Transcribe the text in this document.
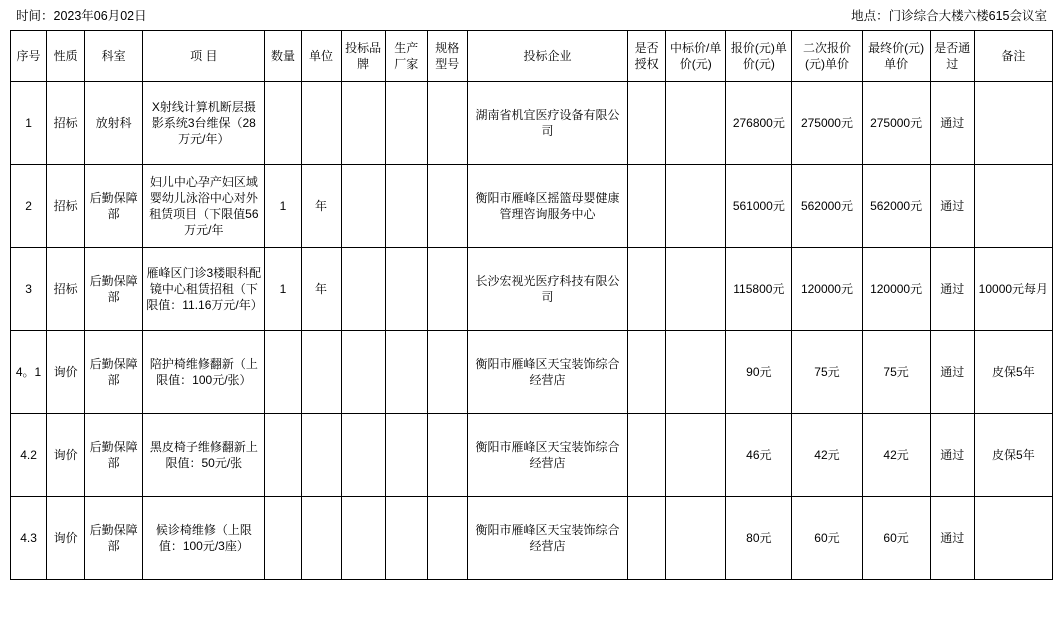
时间：2023年06月02日	地点：门诊综合大楼六楼615会议室
序号	性质	科室	项 目	数量	单位	投标品牌	生产厂家	规格型号	投标企业	是否授权	中标价/单价(元)	报价(元)单价(元)	二次报价(元)单价	最终价(元)单价	是否通过	备注
1	招标	放射科	X射线计算机断层摄影系统3台维保（28万元/年）						湖南省机宜医疗设备有限公司			276800元	275000元	275000元	通过	
2	招标	后勤保障部	妇儿中心孕产妇区域婴幼儿泳浴中心对外租赁项目（下限值56万元/年	1	年				衡阳市雁峰区摇篮母婴健康管理咨询服务中心			561000元	562000元	562000元	通过	
3	招标	后勤保障部	雁峰区门诊3楼眼科配镜中心租赁招租（下限值：11.16万元/年）	1	年				长沙宏视光医疗科技有限公司			115800元	120000元	120000元	通过	10000元每月
4。1	询价	后勤保障部	陪护椅维修翻新（上限值：100元/张）						衡阳市雁峰区天宝装饰综合经营店			90元	75元	75元	通过	皮保5年
4.2	询价	后勤保障部	黑皮椅子维修翻新上限值：50元/张						衡阳市雁峰区天宝装饰综合经营店			46元	42元	42元	通过	皮保5年
4.3	询价	后勤保障部	候诊椅维修（上限值：100元/3座）						衡阳市雁峰区天宝装饰综合经营店			80元	60元	60元	通过	
